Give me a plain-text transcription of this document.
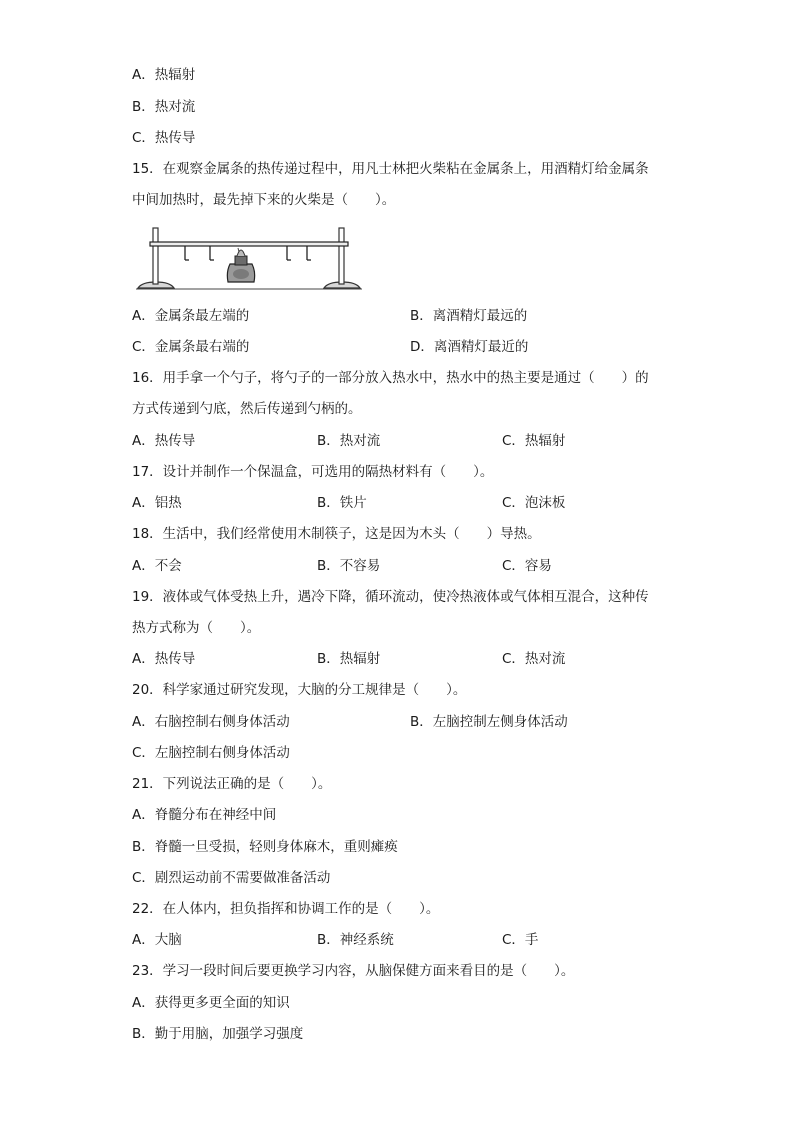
A．热辐射
B．热对流
C．热传导
15．在观察金属条的热传递过程中，用凡士林把火柴粘在金属条上，用酒精灯给金属条
中间加热时，最先掉下来的火柴是（　　）。
A．金属条最左端的	B．离酒精灯最远的
C．金属条最右端的	D．离酒精灯最近的
16．用手拿一个勺子，将勺子的一部分放入热水中，热水中的热主要是通过（　　）的
方式传递到勺底，然后传递到勺柄的。
A．热传导	B．热对流	C．热辐射
17．设计并制作一个保温盒，可选用的隔热材料有（　　）。
A．铝热	B．铁片	C．泡沫板
18．生活中，我们经常使用木制筷子，这是因为木头（　　）导热。
A．不会	B．不容易	C．容易
19．液体或气体受热上升，遇冷下降，循环流动，使冷热液体或气体相互混合，这种传
热方式称为（　　）。
A．热传导	B．热辐射	C．热对流
20．科学家通过研究发现，大脑的分工规律是（　　）。
A．右脑控制右侧身体活动	B．左脑控制左侧身体活动
C．左脑控制右侧身体活动
21．下列说法正确的是（　　）。
A．脊髓分布在神经中间
B．脊髓一旦受损，轻则身体麻木，重则瘫痪
C．剧烈运动前不需要做准备活动
22．在人体内，担负指挥和协调工作的是（　　）。
A．大脑	B．神经系统	C．手
23．学习一段时间后要更换学习内容，从脑保健方面来看目的是（　　）。
A．获得更多更全面的知识
B．勤于用脑，加强学习强度
